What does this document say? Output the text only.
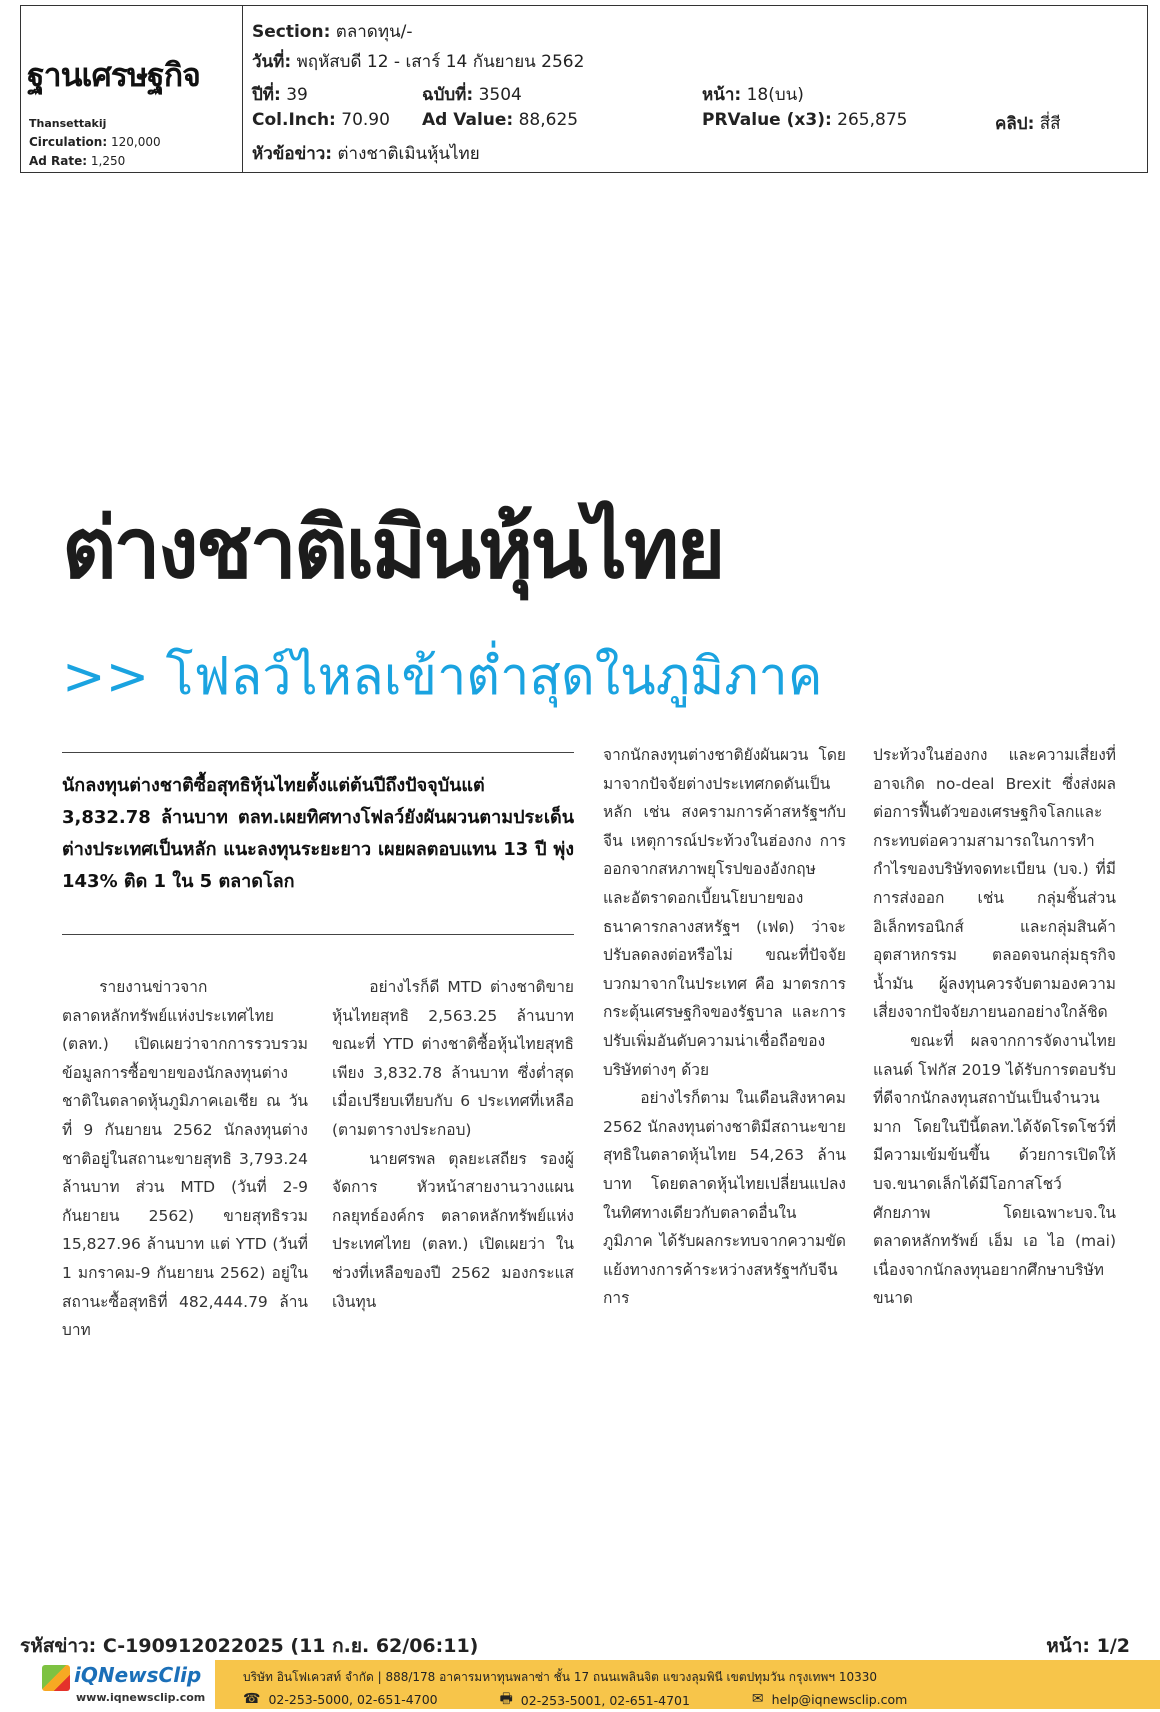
ฐานเศรษฐกิจ
Thansettakij
Circulation: 120,000
Ad Rate: 1,250
Section: ตลาดทุน/-
วันที่: พฤหัสบดี 12 - เสาร์ 14 กันยายน 2562
ปีที่: 39	ฉบับที่: 3504	หน้า: 18(บน)
Col.Inch: 70.90 Ad Value: 88,625	PRValue (x3): 265,875	คลิป: สี่สี
หัวข้อข่าว: ต่างชาติเมินหุ้นไทย
ต่างชาติเมินหุ้นไทย
>> โฟลว์ไหลเข้าต่ำสุดในภูมิภาค

นักลงทุนต่างชาติซื้อสุทธิหุ้นไทยตั้งแต่ต้นปีถึงปัจจุบันแต่ 3,832.78 ล้านบาท ตลท.เผยทิศทางโฟลว์ยังผันผวนตามประเด็นต่างประเทศเป็นหลัก แนะลงทุนระยะยาว เผยผลตอบแทน 13 ปี พุ่ง 143% ติด 1 ใน 5 ตลาดโลก

รายงานข่าวจากตลาดหลักทรัพย์แห่งประเทศไทย (ตลท.) เปิดเผยว่าจากการรวบรวมข้อมูลการซื้อขายของนักลงทุนต่างชาติในตลาดหุ้นภูมิภาคเอเชีย ณ วันที่ 9 กันยายน 2562 นักลงทุนต่างชาติอยู่ในสถานะขายสุทธิ 3,793.24 ล้านบาท ส่วน MTD (วันที่ 2-9 กันยายน 2562) ขายสุทธิรวม 15,827.96 ล้านบาท แต่ YTD (วันที่ 1 มกราคม-9 กันยายน 2562) อยู่ในสถานะซื้อสุทธิที่ 482,444.79 ล้านบาท

อย่างไรก็ดี MTD ต่างชาติขายหุ้นไทยสุทธิ 2,563.25 ล้านบาท ขณะที่ YTD ต่างชาติซื้อหุ้นไทยสุทธิเพียง 3,832.78 ล้านบาท ซึ่งต่ำสุดเมื่อเปรียบเทียบกับ 6 ประเทศที่เหลือ (ตามตารางประกอบ)

นายศรพล ตุลยะเสถียร รองผู้จัดการ หัวหน้าสายงานวางแผนกลยุทธ์องค์กร ตลาดหลักทรัพย์แห่งประเทศไทย (ตลท.) เปิดเผยว่า ในช่วงที่เหลือของปี 2562 มองกระแสเงินทุน

จากนักลงทุนต่างชาติยังผันผวน โดยมาจากปัจจัยต่างประเทศกดดันเป็นหลัก เช่น สงครามการค้าสหรัฐฯกับจีน เหตุการณ์ประท้วงในฮ่องกง การออกจากสหภาพยุโรปของอังกฤษ และอัตราดอกเบี้ยนโยบายของธนาคารกลางสหรัฐฯ (เฟด) ว่าจะปรับลดลงต่อหรือไม่ ขณะที่ปัจจัยบวกมาจากในประเทศ คือ มาตรการกระตุ้นเศรษฐกิจของรัฐบาล และการปรับเพิ่มอันดับความน่าเชื่อถือของบริษัทต่างๆ ด้วย

อย่างไรก็ตาม ในเดือนสิงหาคม 2562 นักลงทุนต่างชาติมีสถานะขายสุทธิในตลาดหุ้นไทย 54,263 ล้านบาท โดยตลาดหุ้นไทยเปลี่ยนแปลงในทิศทางเดียวกับตลาดอื่นในภูมิภาค ได้รับผลกระทบจากความขัดแย้งทางการค้าระหว่างสหรัฐฯกับจีน การ

ประท้วงในฮ่องกง และความเสี่ยงที่อาจเกิด no-deal Brexit ซึ่งส่งผลต่อการฟื้นตัวของเศรษฐกิจโลกและกระทบต่อความสามารถในการทำกำไรของบริษัทจดทะเบียน (บจ.) ที่มีการส่งออก เช่น กลุ่มชิ้นส่วนอิเล็กทรอนิกส์ และกลุ่มสินค้าอุตสาหกรรม ตลอดจนกลุ่มธุรกิจน้ำมัน ผู้ลงทุนควรจับตามองความเสี่ยงจากปัจจัยภายนอกอย่างใกล้ชิด

ขณะที่ ผลจากการจัดงานไทยแลนด์ โฟกัส 2019 ได้รับการตอบรับที่ดีจากนักลงทุนสถาบันเป็นจำนวนมาก โดยในปีนี้ตลท.ได้จัดโรดโชว์ที่มีความเข้มข้นขึ้น ด้วยการเปิดให้บจ.ขนาดเล็กได้มีโอกาสโชว์ศักยภาพ โดยเฉพาะบจ.ในตลาดหลักทรัพย์ เอ็ม เอ ไอ (mai) เนื่องจากนักลงทุนอยากศึกษาบริษัทขนาด

รหัสข่าว: C-190912022025 (11 ก.ย. 62/06:11)	หน้า: 1/2
iQNewsClip
www.iqnewsclip.com
บริษัท อินโฟเควสท์ จำกัด | 888/178 อาคารมหาทุนพลาซ่า ชั้น 17 ถนนเพลินจิต แขวงลุมพินี เขตปทุมวัน กรุงเทพฯ 10330
☎ 02-253-5000, 02-651-4700
	🖶 02-253-5001, 02-651-4701
	✉ help@iqnewsclip.com
